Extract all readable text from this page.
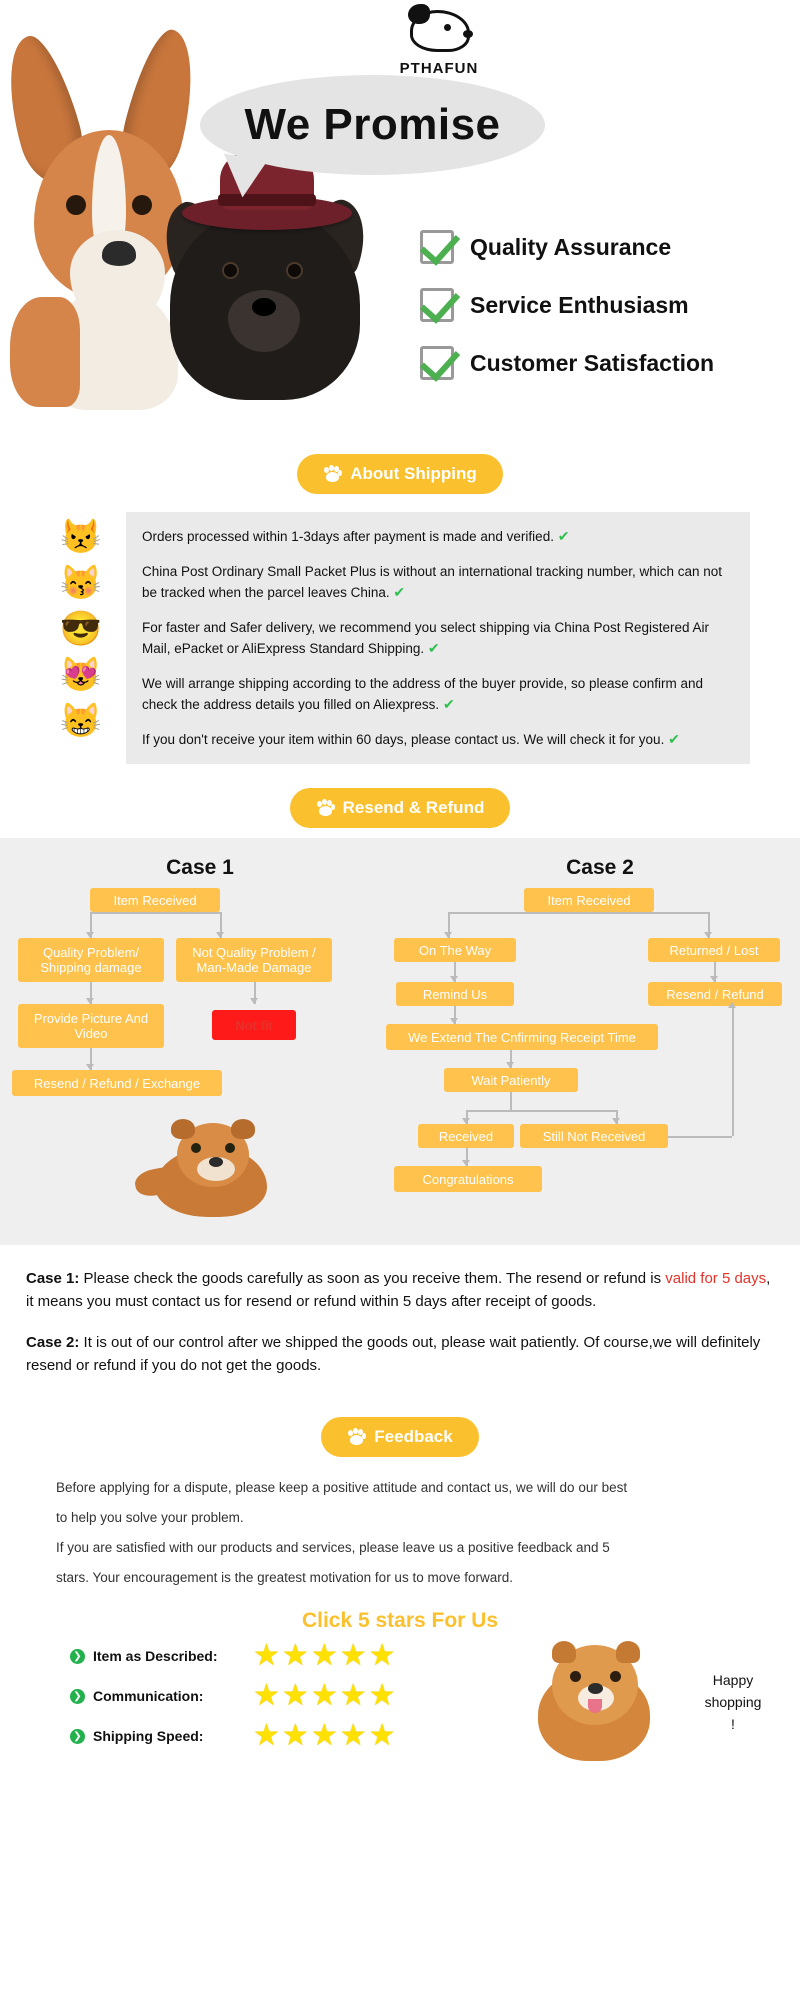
PTHAFUN
We Promise
Quality Assurance
Service Enthusiasm
Customer Satisfaction
About Shipping
😾
😽
😎
😻
😸
Orders processed within 1-3days after payment is made and verified. ✔
China Post Ordinary Small Packet Plus is without an international tracking number, which can not be tracked when the parcel leaves China. ✔
For faster and Safer delivery, we recommend you select shipping via China Post Registered Air Mail, ePacket or AliExpress Standard Shipping. ✔
We will arrange shipping according to the address of the buyer provide, so please confirm and check the address details you filled on Aliexpress. ✔
If you don't receive your item within 60 days, please contact us. We will check it for you. ✔
Resend & Refund
Case 1
Item Received
Quality Problem/ Shipping damage
Not Quality Problem / Man-Made Damage
Provide Picture And Video
Not fit
Resend / Refund / Exchange
Case 2
Item Received
On The Way	Returned / Lost
Remind Us	Resend / Refund
We Extend The Cnfirming Receipt Time
Wait Patiently
Received	Still Not Received
Congratulations
Case 1: Please check the goods carefully as soon as you receive them. The resend or refund is valid for 5 days, it means you must contact us for resend or refund within 5 days after receipt of goods.
Case 2: It is out of our control after we shipped the goods out, please wait patiently. Of course,we will definitely resend or refund if you do not get the goods.
Feedback
Before applying for a dispute, please keep a positive attitude and contact us, we will do our best
to help you solve your problem.
If you are satisfied with our products and services, please leave us a positive feedback and 5
stars. Your encouragement is the greatest motivation for us to move forward.
Click 5 stars For Us
❯ Item as Described:	★ ★ ★ ★ ★
❯ Communication:	★ ★ ★ ★ ★
❯ Shipping Speed:	★ ★ ★ ★ ★
Happy
shopping
!
